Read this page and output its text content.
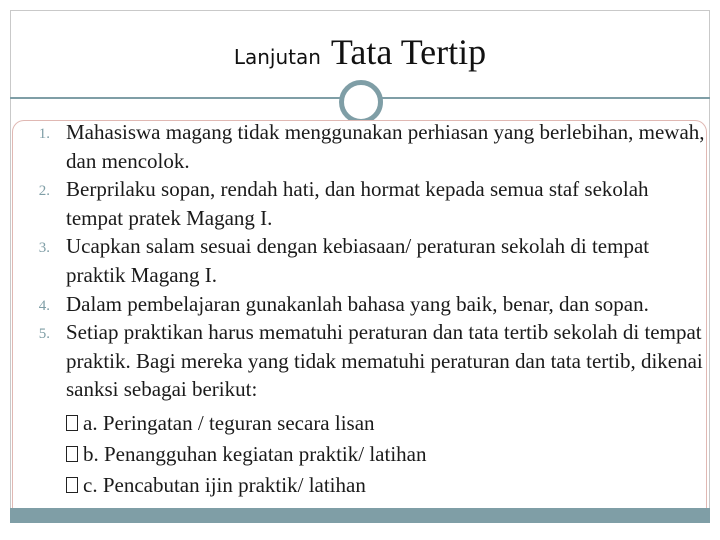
Lanjutan Tata Tertip
1. Mahasiswa magang tidak menggunakan perhiasan yang berlebihan, mewah, dan mencolok.
2. Berprilaku sopan, rendah hati, dan hormat kepada semua staf sekolah tempat pratek Magang I.
3. Ucapkan salam sesuai dengan kebiasaan/ peraturan sekolah di tempat praktik Magang I.
4. Dalam pembelajaran gunakanlah bahasa yang baik, benar, dan sopan.
5. Setiap praktikan harus mematuhi peraturan dan tata tertib sekolah di tempat praktik. Bagi mereka yang tidak mematuhi peraturan dan tata tertib, dikenai sanksi sebagai berikut:
a. Peringatan / teguran secara lisan
b. Penangguhan kegiatan praktik/ latihan
c. Pencabutan ijin praktik/ latihan
